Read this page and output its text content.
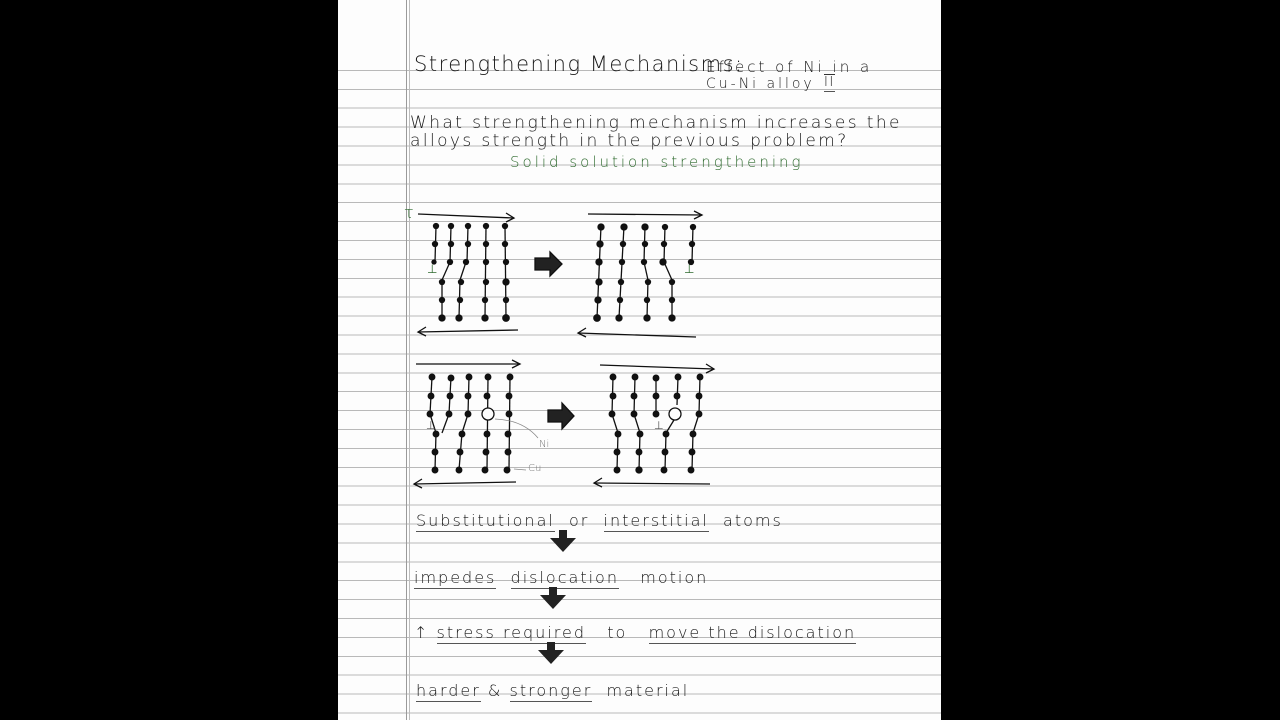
Strengthening Mechanisms:
Effect of Ni in a
Cu-Ni alloy II
What strengthening mechanism increases the
alloys strength in the previous problem?
Solid solution strengthening
τ
⊥	⊥
⊥	⊥
Ni
Cu
Substitutional or interstitial atoms
impedes dislocation motion
↑ stress required to move the dislocation
harder & stronger material
